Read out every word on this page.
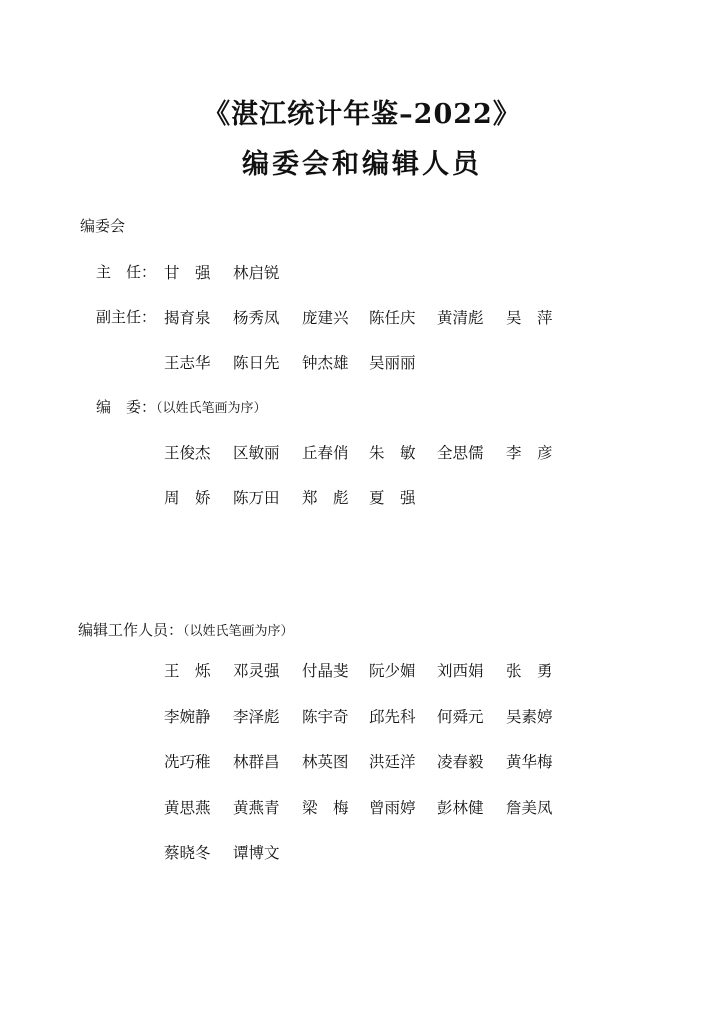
《湛江统计年鉴–2022》
编委会和编辑人员
编委会
主　任： 甘　强 林启锐
副主任： 揭育泉 杨秀凤 庞建兴 陈任庆 黄清彪 吴　萍
王志华 陈日先 钟杰雄 吴丽丽
编　委：（以姓氏笔画为序）
王俊杰 区敏丽 丘春俏 朱　敏 全思儒 李　彦
周　娇 陈万田 郑　彪 夏　强
编辑工作人员：（以姓氏笔画为序）
王　烁 邓灵强 付晶斐 阮少媚 刘西娟 张　勇
李婉静 李泽彪 陈宇奇 邱先科 何舜元 吴素婷
冼巧稚 林群昌 林英图 洪廷洋 凌春毅 黄华梅
黄思燕 黄燕青 梁　梅 曾雨婷 彭林健 詹美凤
蔡晓冬 谭博文
